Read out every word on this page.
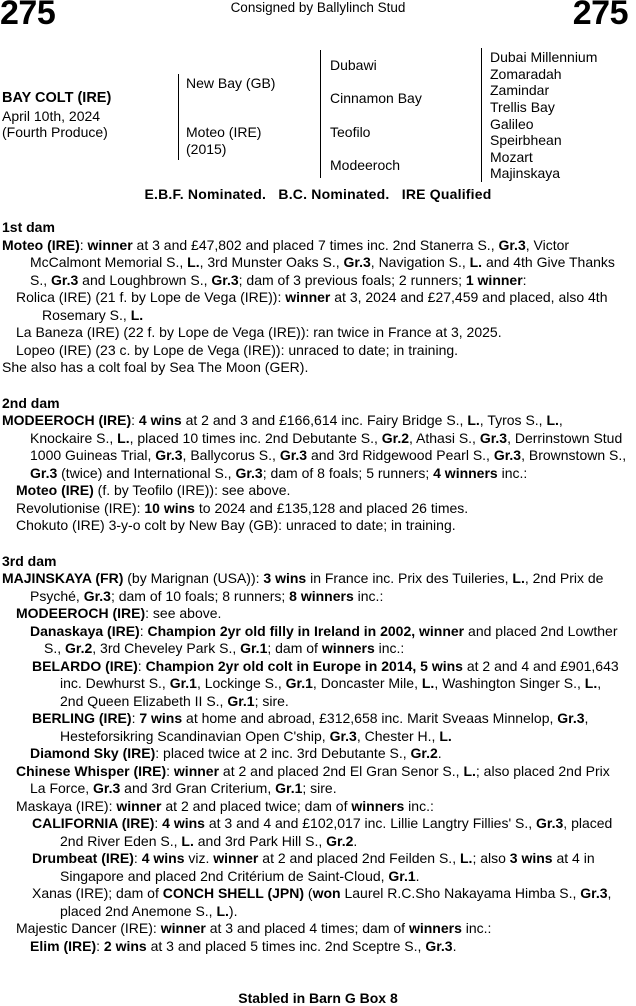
275	Consigned by Ballylinch Stud	275
BAY COLT (IRE)
April 10th, 2024
(Fourth Produce)
New Bay (GB)
Moteo (IRE)
(2015)
Dubawi
Cinnamon Bay
Teofilo
Modeeroch
Dubai Millennium
Zomaradah
Zamindar
Trellis Bay
Galileo
Speirbhean
Mozart
Majinskaya
E.B.F. Nominated.   B.C. Nominated.   IRE Qualified
1st dam

Moteo (IRE): winner at 3 and £47,802 and placed 7 times inc. 2nd Stanerra S., Gr.3, Victor McCalmont Memorial S., L., 3rd Munster Oaks S., Gr.3, Navigation S., L. and 4th Give Thanks S., Gr.3 and Loughbrown S., Gr.3; dam of 3 previous foals; 2 runners; 1 winner:

Rolica (IRE) (21 f. by Lope de Vega (IRE)): winner at 3, 2024 and £27,459 and placed, also 4th Rosemary S., L.

La Baneza (IRE) (22 f. by Lope de Vega (IRE)): ran twice in France at 3, 2025.

Lopeo (IRE) (23 c. by Lope de Vega (IRE)): unraced to date; in training.

She also has a colt foal by Sea The Moon (GER).

2nd dam

MODEEROCH (IRE): 4 wins at 2 and 3 and £166,614 inc. Fairy Bridge S., L., Tyros S., L., Knockaire S., L., placed 10 times inc. 2nd Debutante S., Gr.2, Athasi S., Gr.3, Derrinstown Stud 1000 Guineas Trial, Gr.3, Ballycorus S., Gr.3 and 3rd Ridgewood Pearl S., Gr.3, Brownstown S., Gr.3 (twice) and International S., Gr.3; dam of 8 foals; 5 runners; 4 winners inc.:

Moteo (IRE) (f. by Teofilo (IRE)): see above.

Revolutionise (IRE): 10 wins to 2024 and £135,128 and placed 26 times.

Chokuto (IRE) 3-y-o colt by New Bay (GB): unraced to date; in training.

3rd dam

MAJINSKAYA (FR) (by Marignan (USA)): 3 wins in France inc. Prix des Tuileries, L., 2nd Prix de Psyché, Gr.3; dam of 10 foals; 8 runners; 8 winners inc.:

MODEEROCH (IRE): see above.

Danaskaya (IRE): Champion 2yr old filly in Ireland in 2002, winner and placed 2nd Lowther S., Gr.2, 3rd Cheveley Park S., Gr.1; dam of winners inc.:

BELARDO (IRE): Champion 2yr old colt in Europe in 2014, 5 wins at 2 and 4 and £901,643 inc. Dewhurst S., Gr.1, Lockinge S., Gr.1, Doncaster Mile, L., Washington Singer S., L., 2nd Queen Elizabeth II S., Gr.1; sire.

BERLING (IRE): 7 wins at home and abroad, £312,658 inc. Marit Sveaas Minnelop, Gr.3, Hesteforsikring Scandinavian Open C'ship, Gr.3, Chester H., L.

Diamond Sky (IRE): placed twice at 2 inc. 3rd Debutante S., Gr.2.

Chinese Whisper (IRE): winner at 2 and placed 2nd El Gran Senor S., L.; also placed 2nd Prix La Force, Gr.3 and 3rd Gran Criterium, Gr.1; sire.

Maskaya (IRE): winner at 2 and placed twice; dam of winners inc.:

CALIFORNIA (IRE): 4 wins at 3 and 4 and £102,017 inc. Lillie Langtry Fillies' S., Gr.3, placed 2nd River Eden S., L. and 3rd Park Hill S., Gr.2.

Drumbeat (IRE): 4 wins viz. winner at 2 and placed 2nd Feilden S., L.; also 3 wins at 4 in Singapore and placed 2nd Critérium de Saint-Cloud, Gr.1.

Xanas (IRE); dam of CONCH SHELL (JPN) (won Laurel R.C.Sho Nakayama Himba S., Gr.3, placed 2nd Anemone S., L.).

Majestic Dancer (IRE): winner at 3 and placed 4 times; dam of winners inc.:

Elim (IRE): 2 wins at 3 and placed 5 times inc. 2nd Sceptre S., Gr.3.

Stabled in Barn G Box 8
